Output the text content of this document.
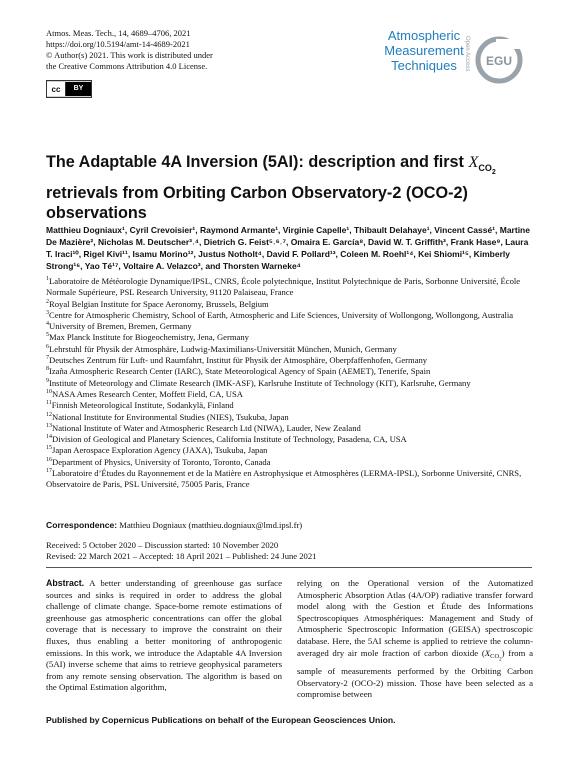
Atmos. Meas. Tech., 14, 4689–4706, 2021
https://doi.org/10.5194/amt-14-4689-2021
© Author(s) 2021. This work is distributed under
the Creative Commons Attribution 4.0 License.
cc	BY
Atmospheric
Measurement
Techniques	Open Access EGU
The Adaptable 4A Inversion (5AI): description and first $X_{CO_2}$ retrievals from Orbiting Carbon Observatory-2 (OCO-2) observations
Matthieu Dogniaux¹, Cyril Crevoisier¹, Raymond Armante¹, Virginie Capelle¹, Thibault Delahaye¹, Vincent Cassé¹, Martine De Mazière², Nicholas M. Deutscher³˒⁴, Dietrich G. Feist⁵˒⁶˒⁷, Omaira E. García⁸, David W. T. Griffith³, Frank Hase⁹, Laura T. Iraci¹⁰, Rigel Kivi¹¹, Isamu Morino¹², Justus Notholt⁴, David F. Pollard¹³, Coleen M. Roehl¹⁴, Kei Shiomi¹⁵, Kimberly Strong¹⁶, Yao Té¹⁷, Voltaire A. Velazco³, and Thorsten Warneke⁴
$^1$Laboratoire de Météorologie Dynamique/IPSL, CNRS, École polytechnique, Institut Polytechnique de Paris, Sorbonne Université, École Normale Supérieure, PSL Research University, 91120 Palaiseau, France
$^2$Royal Belgian Institute for Space Aeronomy, Brussels, Belgium
$^3$Centre for Atmospheric Chemistry, School of Earth, Atmospheric and Life Sciences, University of Wollongong, Wollongong, Australia
$^4$University of Bremen, Bremen, Germany
$^5$Max Planck Institute for Biogeochemistry, Jena, Germany
$^6$Lehrstuhl für Physik der Atmosphäre, Ludwig-Maximilians-Universität München, Munich, Germany
$^7$Deutsches Zentrum für Luft- und Raumfahrt, Institut für Physik der Atmosphäre, Oberpfaffenhofen, Germany
$^8$Izaña Atmospheric Research Center (IARC), State Meteorological Agency of Spain (AEMET), Tenerife, Spain
$^9$Institute of Meteorology and Climate Research (IMK-ASF), Karlsruhe Institute of Technology (KIT), Karlsruhe, Germany
$^{10}$NASA Ames Research Center, Moffett Field, CA, USA
$^{11}$Finnish Meteorological Institute, Sodankylä, Finland
$^{12}$National Institute for Environmental Studies (NIES), Tsukuba, Japan
$^{13}$National Institute of Water and Atmospheric Research Ltd (NIWA), Lauder, New Zealand
$^{14}$Division of Geological and Planetary Sciences, California Institute of Technology, Pasadena, CA, USA
$^{15}$Japan Aerospace Exploration Agency (JAXA), Tsukuba, Japan
$^{16}$Department of Physics, University of Toronto, Toronto, Canada
$^{17}$Laboratoire d’Études du Rayonnement et de la Matière en Astrophysique et Atmosphères (LERMA-IPSL), Sorbonne Université, CNRS, Observatoire de Paris, PSL Université, 75005 Paris, France
Correspondence: Matthieu Dogniaux (matthieu.dogniaux@lmd.ipsl.fr)
Received: 5 October 2020 – Discussion started: 10 November 2020
Revised: 22 March 2021 – Accepted: 18 April 2021 – Published: 24 June 2021
Abstract. A better understanding of greenhouse gas surface sources and sinks is required in order to address the global challenge of climate change. Space-borne remote estimations of greenhouse gas atmospheric concentrations can offer the global coverage that is necessary to improve the constraint on their fluxes, thus enabling a better monitoring of anthropogenic emissions. In this work, we introduce the Adaptable 4A Inversion (5AI) inverse scheme that aims to retrieve geophysical parameters from any remote sensing observation. The algorithm is based on the Optimal Estimation algorithm,
relying on the Operational version of the Automatized Atmospheric Absorption Atlas (4A/OP) radiative transfer forward model along with the Gestion et Étude des Informations Spectroscopiques Atmosphériques: Management and Study of Atmospheric Spectroscopic Information (GEISA) spectroscopic database. Here, the 5AI scheme is applied to retrieve the column-averaged dry air mole fraction of carbon dioxide $(X_{CO_2})$ from a sample of measurements performed by the Orbiting Carbon Observatory-2 (OCO-2) mission. Those have been selected as a compromise between
Published by Copernicus Publications on behalf of the European Geosciences Union.
